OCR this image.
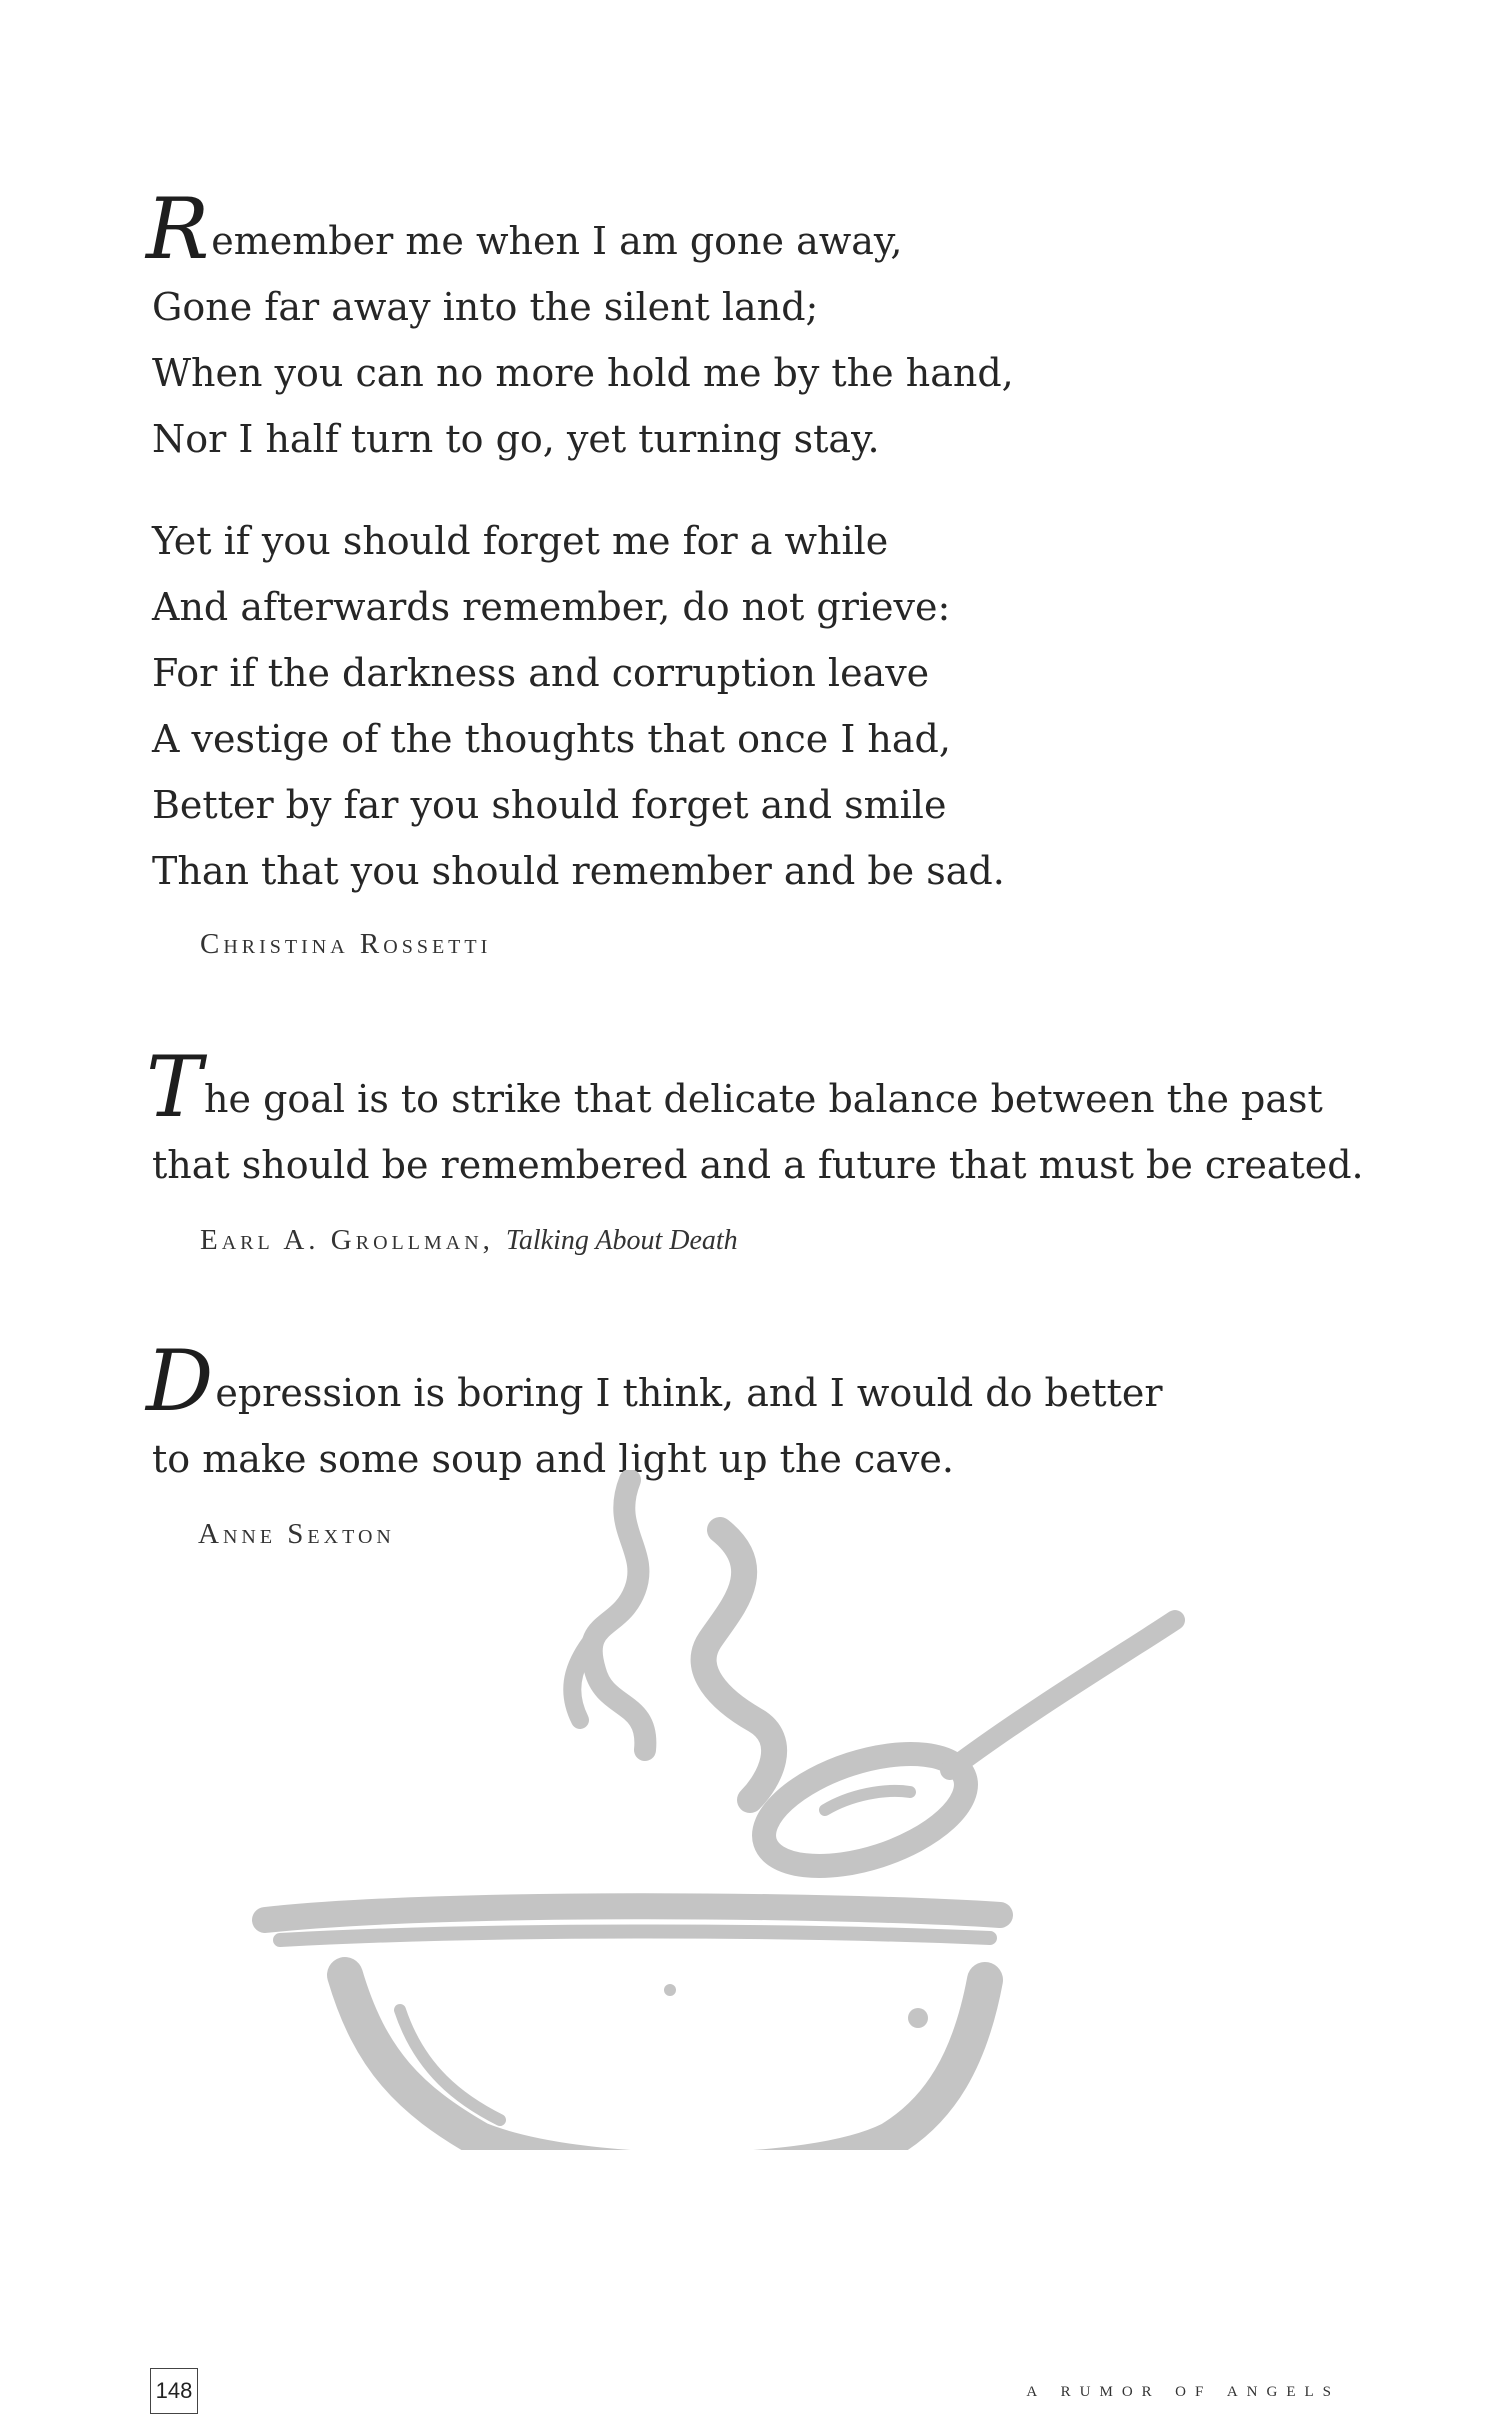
Remember me when I am gone away,
Gone far away into the silent land;
When you can no more hold me by the hand,
Nor I half turn to go, yet turning stay.
Yet if you should forget me for a while
And afterwards remember, do not grieve:
For if the darkness and corruption leave
A vestige of the thoughts that once I had,
Better by far you should forget and smile
Than that you should remember and be sad.
Christina Rossetti
The goal is to strike that delicate balance between the past
that should be remembered and a future that must be created.
Earl A. Grollman, Talking About Death
Depression is boring I think, and I would do better
to make some soup and light up the cave.
Anne Sexton
148	a rumor of angels
